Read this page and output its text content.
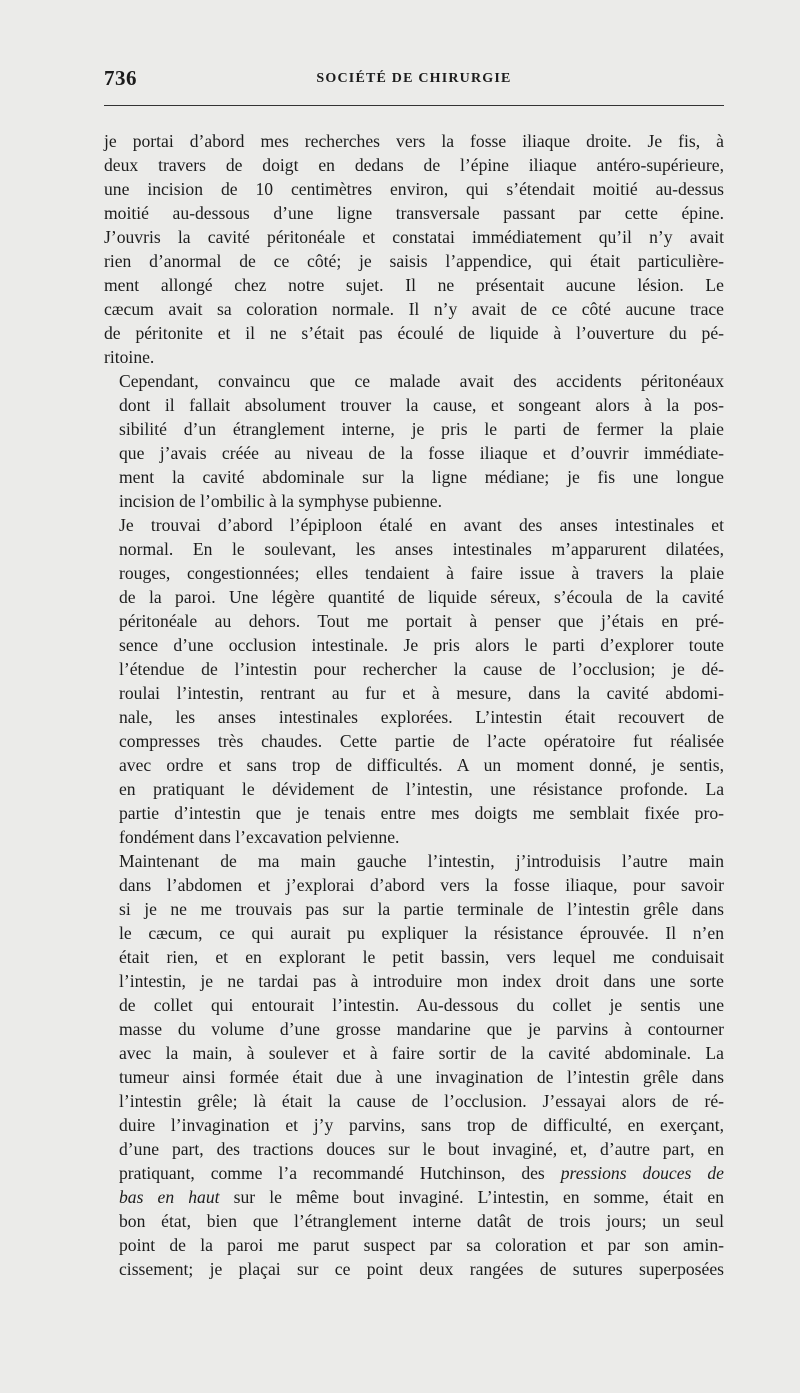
736	SOCIÉTÉ DE CHIRURGIE

je portai d’abord mes recherches vers la fosse iliaque droite. Je fis, à
deux travers de doigt en dedans de l’épine iliaque antéro-supérieure,
une incision de 10 centimètres environ, qui s’étendait moitié au-dessus
moitié au-dessous d’une ligne transversale passant par cette épine.
J’ouvris la cavité péritonéale et constatai immédiatement qu’il n’y avait
rien d’anormal de ce côté; je saisis l’appendice, qui était particulière-
ment allongé chez notre sujet. Il ne présentait aucune lésion. Le
cæcum avait sa coloration normale. Il n’y avait de ce côté aucune trace
de péritonite et il ne s’était pas écoulé de liquide à l’ouverture du pé-
ritoine.

Cependant, convaincu que ce malade avait des accidents péritonéaux
dont il fallait absolument trouver la cause, et songeant alors à la pos-
sibilité d’un étranglement interne, je pris le parti de fermer la plaie
que j’avais créée au niveau de la fosse iliaque et d’ouvrir immédiate-
ment la cavité abdominale sur la ligne médiane; je fis une longue
incision de l’ombilic à la symphyse pubienne.

Je trouvai d’abord l’épiploon étalé en avant des anses intestinales et
normal. En le soulevant, les anses intestinales m’apparurent dilatées,
rouges, congestionnées; elles tendaient à faire issue à travers la plaie
de la paroi. Une légère quantité de liquide séreux, s’écoula de la cavité
péritonéale au dehors. Tout me portait à penser que j’étais en pré-
sence d’une occlusion intestinale. Je pris alors le parti d’explorer toute
l’étendue de l’intestin pour rechercher la cause de l’occlusion; je dé-
roulai l’intestin, rentrant au fur et à mesure, dans la cavité abdomi-
nale, les anses intestinales explorées. L’intestin était recouvert de
compresses très chaudes. Cette partie de l’acte opératoire fut réalisée
avec ordre et sans trop de difficultés. A un moment donné, je sentis,
en pratiquant le dévidement de l’intestin, une résistance profonde. La
partie d’intestin que je tenais entre mes doigts me semblait fixée pro-
fondément dans l’excavation pelvienne.

Maintenant de ma main gauche l’intestin, j’introduisis l’autre main
dans l’abdomen et j’explorai d’abord vers la fosse iliaque, pour savoir
si je ne me trouvais pas sur la partie terminale de l’intestin grêle dans
le cæcum, ce qui aurait pu expliquer la résistance éprouvée. Il n’en
était rien, et en explorant le petit bassin, vers lequel me conduisait
l’intestin, je ne tardai pas à introduire mon index droit dans une sorte
de collet qui entourait l’intestin. Au-dessous du collet je sentis une
masse du volume d’une grosse mandarine que je parvins à contourner
avec la main, à soulever et à faire sortir de la cavité abdominale. La
tumeur ainsi formée était due à une invagination de l’intestin grêle dans
l’intestin grêle; là était la cause de l’occlusion. J’essayai alors de ré-
duire l’invagination et j’y parvins, sans trop de difficulté, en exerçant,
d’une part, des tractions douces sur le bout invaginé, et, d’autre part, en
pratiquant, comme l’a recommandé Hutchinson, des pressions douces de
bas en haut sur le même bout invaginé. L’intestin, en somme, était en
bon état, bien que l’étranglement interne datât de trois jours; un seul
point de la paroi me parut suspect par sa coloration et par son amin-
cissement; je plaçai sur ce point deux rangées de sutures superposées
